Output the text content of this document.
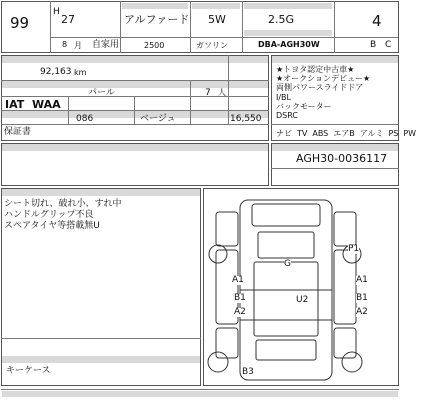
99
H
27
8 月
アルファード 5W	2.5G	4
自家用	2500	ガソリン	DBA-AGH30W	B C
92,163 km
パール	7 人
IAT WAA
086	ベージュ	16,550
保証書
★トヨタ認定中古車★
★オークションデビュー★
両側パワースライドドア
I/BL
バックモーター
DSRC
ナビ TV ABS エアB アルミ PS PW
AGH30-0036117
シート切れ、破れ小、すれ中
ハンドルグリップ不良
スペアタイヤ等搭載無U
キーケース
G
P1
A1	A1
B1	B1
U2
A2	A2
B3
